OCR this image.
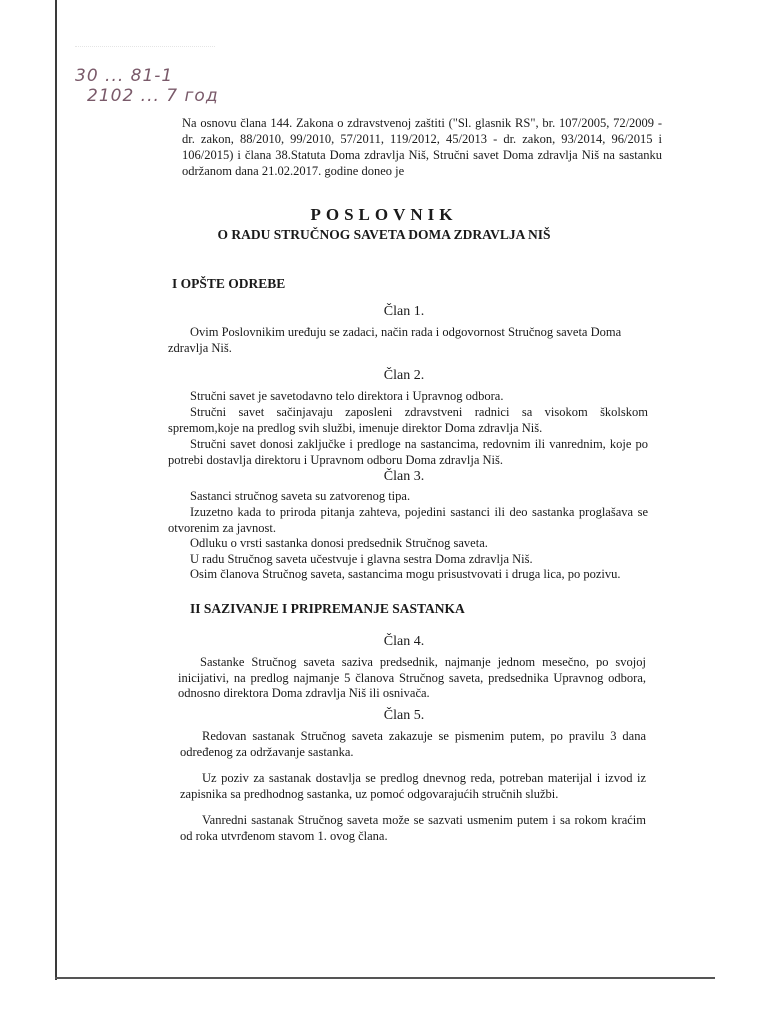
30 ... 81-1
2102 ... 7 год
Na osnovu člana 144. Zakona o zdravstvenoj zaštiti ("Sl. glasnik RS", br. 107/2005, 72/2009 - dr. zakon, 88/2010, 99/2010, 57/2011, 119/2012, 45/2013 - dr. zakon, 93/2014, 96/2015 i 106/2015) i člana 38.Statuta Doma zdravlja Niš, Stručni savet Doma zdravlja Niš na sastanku održanom dana 21.02.2017. godine doneo je
POSLOVNIK
O RADU STRUČNOG SAVETA DOMA ZDRAVLJA NIŠ
I OPŠTE ODREBE
Član 1.
Ovim Poslovnikim uređuju se zadaci, način rada i odgovornost Stručnog saveta Doma zdravlja Niš.
Član 2.
Stručni savet je savetodavno telo direktora i Upravnog odbora.
Stručni savet sačinjavaju zaposleni zdravstveni radnici sa visokom školskom spremom,koje na predlog svih službi, imenuje direktor Doma zdravlja Niš.
Stručni savet donosi zaključke i predloge na sastancima, redovnim ili vanrednim, koje po potrebi dostavlja direktoru i Upravnom odboru Doma zdravlja Niš.
Član 3.
Sastanci stručnog saveta su zatvorenog tipa.
Izuzetno kada to priroda pitanja zahteva, pojedini sastanci ili deo sastanka proglašava se otvorenim za javnost.
Odluku o vrsti sastanka donosi predsednik Stručnog saveta.
U radu Stručnog saveta učestvuje i glavna sestra Doma zdravlja Niš.
Osim članova Stručnog saveta, sastancima mogu prisustvovati i druga lica, po pozivu.
II SAZIVANJE I PRIPREMANJE SASTANKA
Član 4.
Sastanke Stručnog saveta saziva predsednik, najmanje jednom mesečno, po svojoj inicijativi, na predlog najmanje 5 članova Stručnog saveta, predsednika Upravnog odbora, odnosno direktora Doma zdravlja Niš ili osnivača.
Član 5.
Redovan sastanak Stručnog saveta zakazuje se pismenim putem, po pravilu 3 dana određenog za održavanje sastanka.
Uz poziv za sastanak dostavlja se predlog dnevnog reda, potreban materijal i izvod iz zapisnika sa predhodnog sastanka, uz pomoć odgovarajućih stručnih službi.
Vanredni sastanak Stručnog saveta može se sazvati usmenim putem i sa rokom kraćim od roka utvrđenom stavom 1. ovog člana.
